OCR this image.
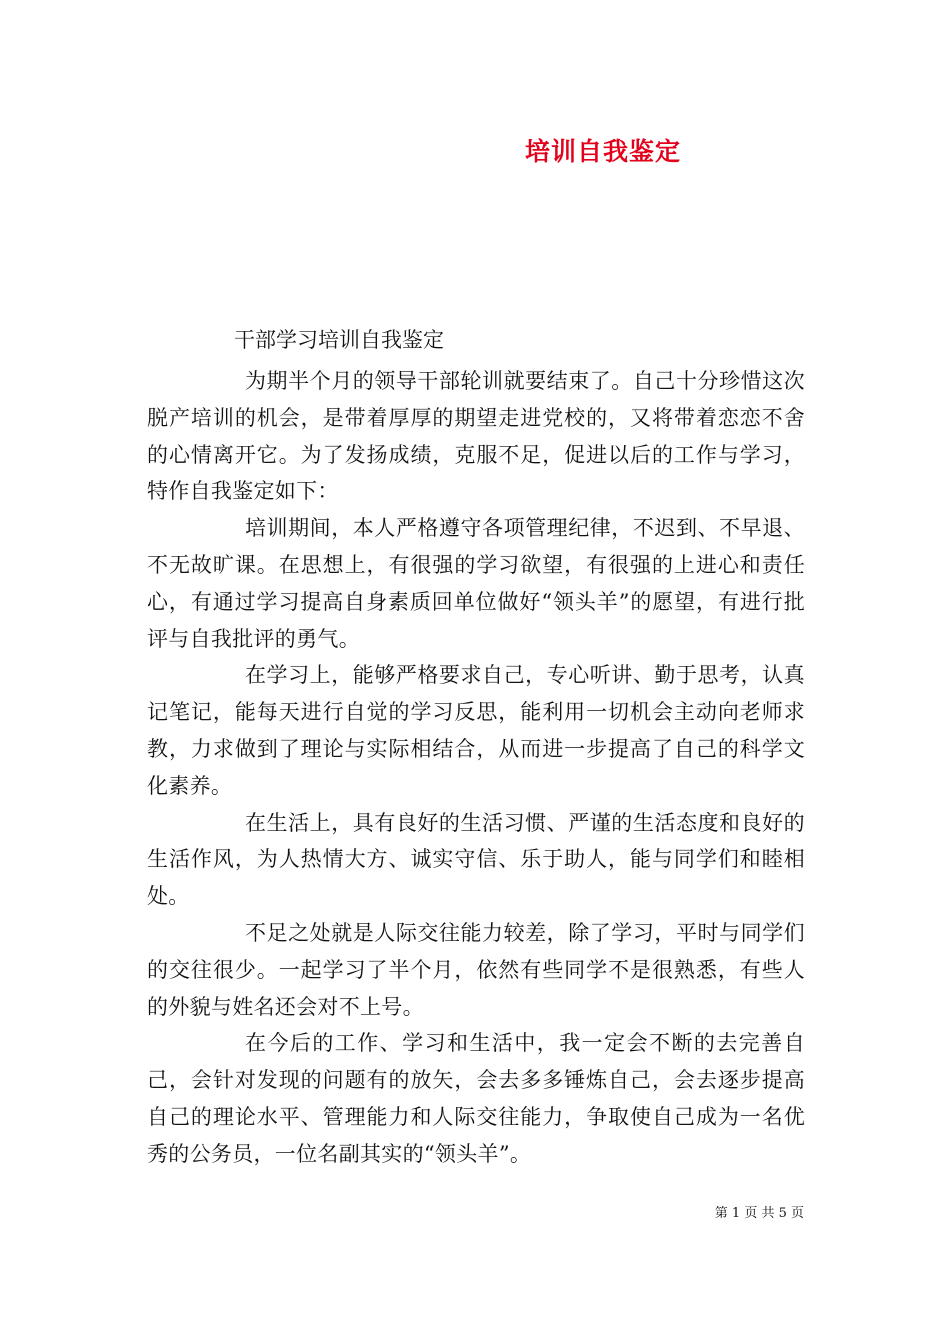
培训自我鉴定
干部学习培训自我鉴定

为期半个月的领导干部轮训就要结束了。自己十分珍惜这次脱产培训的机会，是带着厚厚的期望走进党校的，又将带着恋恋不舍的心情离开它。为了发扬成绩，克服不足，促进以后的工作与学习，特作自我鉴定如下：

培训期间，本人严格遵守各项管理纪律，不迟到、不早退、不无故旷课。在思想上，有很强的学习欲望，有很强的上进心和责任心，有通过学习提高自身素质回单位做好“领头羊”的愿望，有进行批评与自我批评的勇气。

在学习上，能够严格要求自己，专心听讲、勤于思考，认真记笔记，能每天进行自觉的学习反思，能利用一切机会主动向老师求教，力求做到了理论与实际相结合，从而进一步提高了自己的科学文化素养。

在生活上，具有良好的生活习惯、严谨的生活态度和良好的生活作风，为人热情大方、诚实守信、乐于助人，能与同学们和睦相处。

不足之处就是人际交往能力较差，除了学习，平时与同学们的交往很少。一起学习了半个月，依然有些同学不是很熟悉，有些人的外貌与姓名还会对不上号。

在今后的工作、学习和生活中，我一定会不断的去完善自己，会针对发现的问题有的放矢，会去多多锤炼自己，会去逐步提高自己的理论水平、管理能力和人际交往能力，争取使自己成为一名优秀的公务员，一位名副其实的“领头羊”。

第 1 页 共 5 页
